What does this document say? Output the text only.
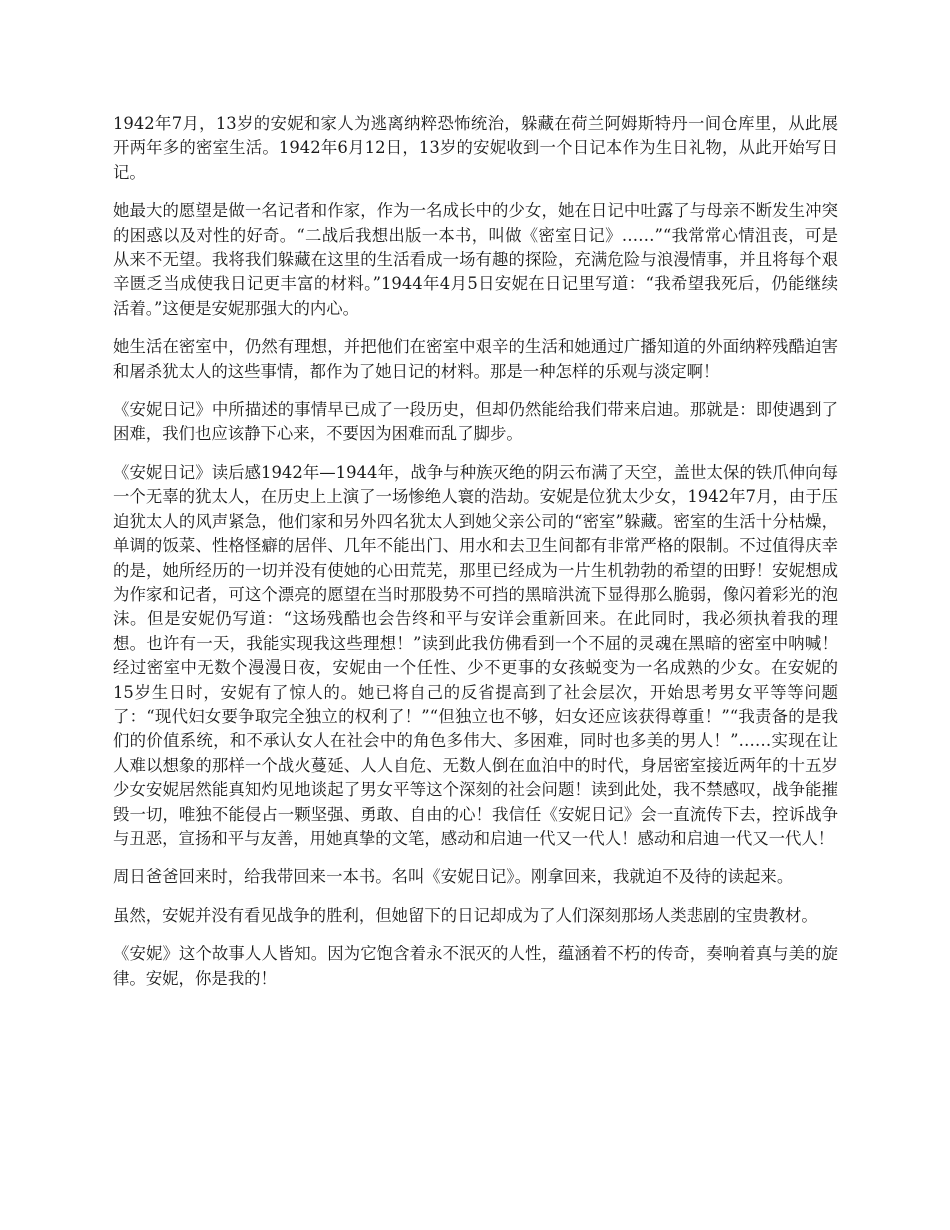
1942年7月，13岁的安妮和家人为逃离纳粹恐怖统治，躲藏在荷兰阿姆斯特丹一间仓库里，从此展开两年多的密室生活。1942年6月12日，13岁的安妮收到一个日记本作为生日礼物，从此开始写日记。

她最大的愿望是做一名记者和作家，作为一名成长中的少女，她在日记中吐露了与母亲不断发生冲突的困惑以及对性的好奇。“二战后我想出版一本书，叫做《密室日记》……”“我常常心情沮丧，可是从来不无望。我将我们躲藏在这里的生活看成一场有趣的探险，充满危险与浪漫情事，并且将每个艰辛匮乏当成使我日记更丰富的材料。”1944年4月5日安妮在日记里写道：“我希望我死后，仍能继续活着。”这便是安妮那强大的内心。

她生活在密室中，仍然有理想，并把他们在密室中艰辛的生活和她通过广播知道的外面纳粹残酷迫害和屠杀犹太人的这些事情，都作为了她日记的材料。那是一种怎样的乐观与淡定啊！

《安妮日记》中所描述的事情早已成了一段历史，但却仍然能给我们带来启迪。那就是：即使遇到了困难，我们也应该静下心来，不要因为困难而乱了脚步。

《安妮日记》读后感1942年—1944年，战争与种族灭绝的阴云布满了天空，盖世太保的铁爪伸向每一个无辜的犹太人，在历史上上演了一场惨绝人寰的浩劫。安妮是位犹太少女，1942年7月，由于压迫犹太人的风声紧急，他们家和另外四名犹太人到她父亲公司的“密室”躲藏。密室的生活十分枯燥，单调的饭菜、性格怪癖的居伴、几年不能出门、用水和去卫生间都有非常严格的限制。不过值得庆幸的是，她所经历的一切并没有使她的心田荒芜，那里已经成为一片生机勃勃的希望的田野！安妮想成为作家和记者，可这个漂亮的愿望在当时那股势不可挡的黑暗洪流下显得那么脆弱，像闪着彩光的泡沫。但是安妮仍写道：“这场残酷也会告终和平与安详会重新回来。在此同时，我必须执着我的理想。也许有一天，我能实现我这些理想！”读到此我仿佛看到一个不屈的灵魂在黑暗的密室中呐喊！经过密室中无数个漫漫日夜，安妮由一个任性、少不更事的女孩蜕变为一名成熟的少女。在安妮的15岁生日时，安妮有了惊人的。她已将自己的反省提高到了社会层次，开始思考男女平等等问题了：“现代妇女要争取完全独立的权利了！”“但独立也不够，妇女还应该获得尊重！”“我责备的是我们的价值系统，和不承认女人在社会中的角色多伟大、多困难，同时也多美的男人！”……实现在让人难以想象的那样一个战火蔓延、人人自危、无数人倒在血泊中的时代，身居密室接近两年的十五岁少女安妮居然能真知灼见地谈起了男女平等这个深刻的社会问题！读到此处，我不禁感叹，战争能摧毁一切，唯独不能侵占一颗坚强、勇敢、自由的心！我信任《安妮日记》会一直流传下去，控诉战争与丑恶，宣扬和平与友善，用她真挚的文笔，感动和启迪一代又一代人！感动和启迪一代又一代人！

周日爸爸回来时，给我带回来一本书。名叫《安妮日记》。刚拿回来，我就迫不及待的读起来。

虽然，安妮并没有看见战争的胜利，但她留下的日记却成为了人们深刻那场人类悲剧的宝贵教材。

《安妮》这个故事人人皆知。因为它饱含着永不泯灭的人性，蕴涵着不朽的传奇，奏响着真与美的旋律。安妮，你是我的！
